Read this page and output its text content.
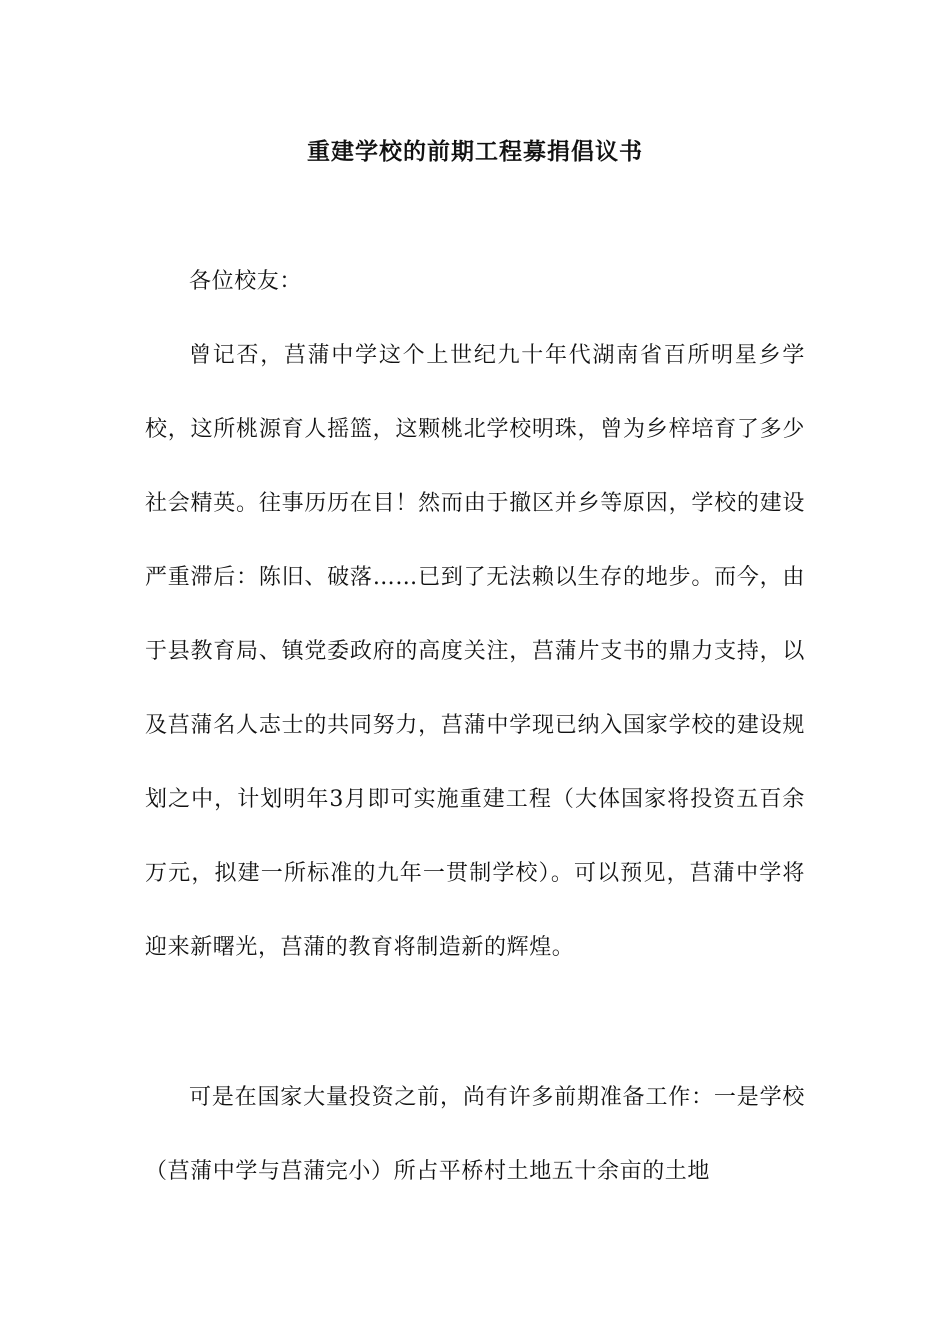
重建学校的前期工程募捐倡议书

各位校友：

曾记否，莒蒲中学这个上世纪九十年代湖南省百所明星乡学校，这所桃源育人摇篮，这颗桃北学校明珠，曾为乡梓培育了多少社会精英。往事历历在目！然而由于撤区并乡等原因，学校的建设严重滞后：陈旧、破落……已到了无法赖以生存的地步。而今，由于县教育局、镇党委政府的高度关注，莒蒲片支书的鼎力支持，以及莒蒲名人志士的共同努力，莒蒲中学现已纳入国家学校的建设规划之中，计划明年3月即可实施重建工程（大体国家将投资五百余万元，拟建一所标准的九年一贯制学校）。可以预见，莒蒲中学将迎来新曙光，莒蒲的教育将制造新的辉煌。

可是在国家大量投资之前，尚有许多前期准备工作：一是学校（莒蒲中学与莒蒲完小）所占平桥村土地五十余亩的土地
